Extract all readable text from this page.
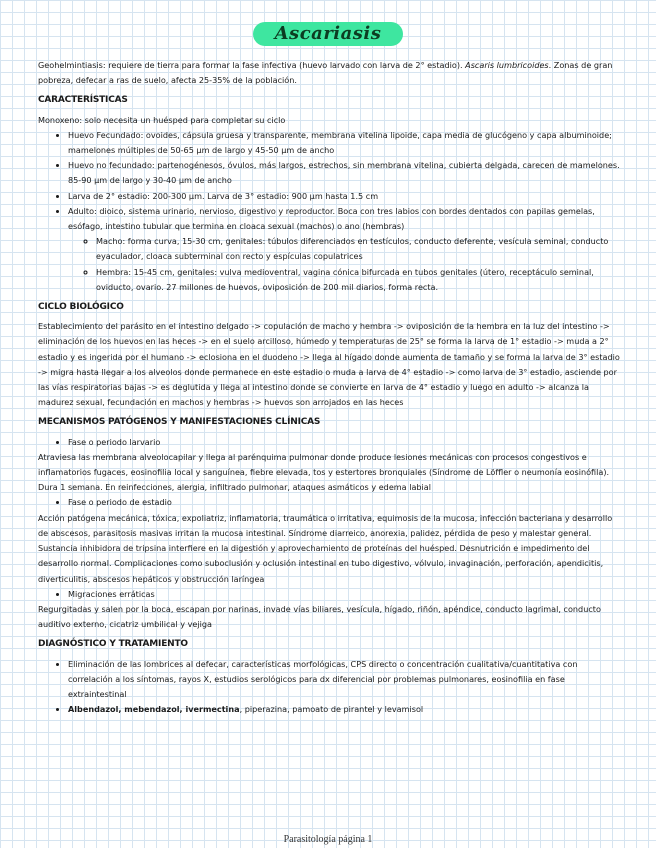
Ascariasis

Geohelmintiasis: requiere de tierra para formar la fase infectiva (huevo larvado con larva de 2° estadio). Ascaris lumbricoides. Zonas de gran pobreza, defecar a ras de suelo, afecta 25-35% de la población.

CARACTERÍSTICAS

Monoxeno: solo necesita un huésped para completar su ciclo

• Huevo Fecundado: ovoides, cápsula gruesa y transparente, membrana vitelina lipoide, capa media de glucógeno y capa albuminoide; mamelones múltiples de 50-65 µm de largo y 45-50 µm de ancho
• Huevo no fecundado: partenogénesos, óvulos, más largos, estrechos, sin membrana vitelina, cubierta delgada, carecen de mamelones. 85-90 µm de largo y 30-40 µm de ancho
• Larva de 2° estadio: 200-300 µm. Larva de 3° estadio: 900 µm hasta 1.5 cm
• Adulto: dioico, sistema urinario, nervioso, digestivo y reproductor. Boca con tres labios con bordes dentados con papilas gemelas, esófago, intestino tubular que termina en cloaca sexual (machos) o ano (hembras)
◦ Macho: forma curva, 15-30 cm, genitales: túbulos diferenciados en testículos, conducto deferente, vesícula seminal, conducto eyaculador, cloaca subterminal con recto y espículas copulatrices
◦ Hembra: 15-45 cm, genitales: vulva medioventral, vagina cónica bifurcada en tubos genitales (útero, receptáculo seminal, oviducto, ovario. 27 millones de huevos, oviposición de 200 mil diarios, forma recta.
CICLO BIOLÓGICO

Establecimiento del parásito en el intestino delgado -> copulación de macho y hembra -> oviposición de la hembra en la luz del intestino -> eliminación de los huevos en las heces -> en el suelo arcilloso, húmedo y temperaturas de 25° se forma la larva de 1° estadio -> muda a 2° estadio y es ingerida por el humano -> eclosiona en el duodeno -> llega al hígado donde aumenta de tamaño y se forma la larva de 3° estadio -> migra hasta llegar a los alveolos donde permanece en este estadio o muda a larva de 4° estadio -> como larva de 3° estadio, asciende por las vías respiratorias bajas -> es deglutida y llega al intestino donde se convierte en larva de 4° estadio y luego en adulto -> alcanza la madurez sexual, fecundación en machos y hembras -> huevos son arrojados en las heces

MECANISMOS PATÓGENOS Y MANIFESTACIONES CLÍNICAS
• Fase o periodo larvario

Atraviesa las membrana alveolocapilar y llega al parénquima pulmonar donde produce lesiones mecánicas con procesos congestivos e inflamatorios fugaces, eosinofilia local y sanguínea, fiebre elevada, tos y estertores bronquiales (Síndrome de Löffler o neumonía eosinófila). Dura 1 semana. En reinfecciones, alergia, infiltrado pulmonar, ataques asmáticos y edema labial

• Fase o periodo de estadio

Acción patógena mecánica, tóxica, expoliatriz, inflamatoria, traumática o irritativa, equimosis de la mucosa, infección bacteriana y desarrollo de abscesos, parasitosis masivas irritan la mucosa intestinal. Síndrome diarreico, anorexia, palidez, pérdida de peso y malestar general. Sustancia inhibidora de tripsina interfiere en la digestión y aprovechamiento de proteínas del huésped. Desnutrición e impedimento del desarrollo normal. Complicaciones como suboclusión y oclusión intestinal en tubo digestivo, vólvulo, invaginación, perforación, apendicitis, diverticulitis, abscesos hepáticos y obstrucción laríngea

• Migraciones erráticas

Regurgitadas y salen por la boca, escapan por narinas, invade vías biliares, vesícula, hígado, riñón, apéndice, conducto lagrimal, conducto auditivo externo, cicatriz umbilical y vejiga

DIAGNÓSTICO Y TRATAMIENTO
• Eliminación de las lombrices al defecar, características morfológicas, CPS directo o concentración cualitativa/cuantitativa con correlación a los síntomas, rayos X, estudios serológicos para dx diferencial por problemas pulmonares, eosinofilia en fase extraintestinal
• Albendazol, mebendazol, ivermectina, piperazina, pamoato de pirantel y levamisol
Parasitología página 1
